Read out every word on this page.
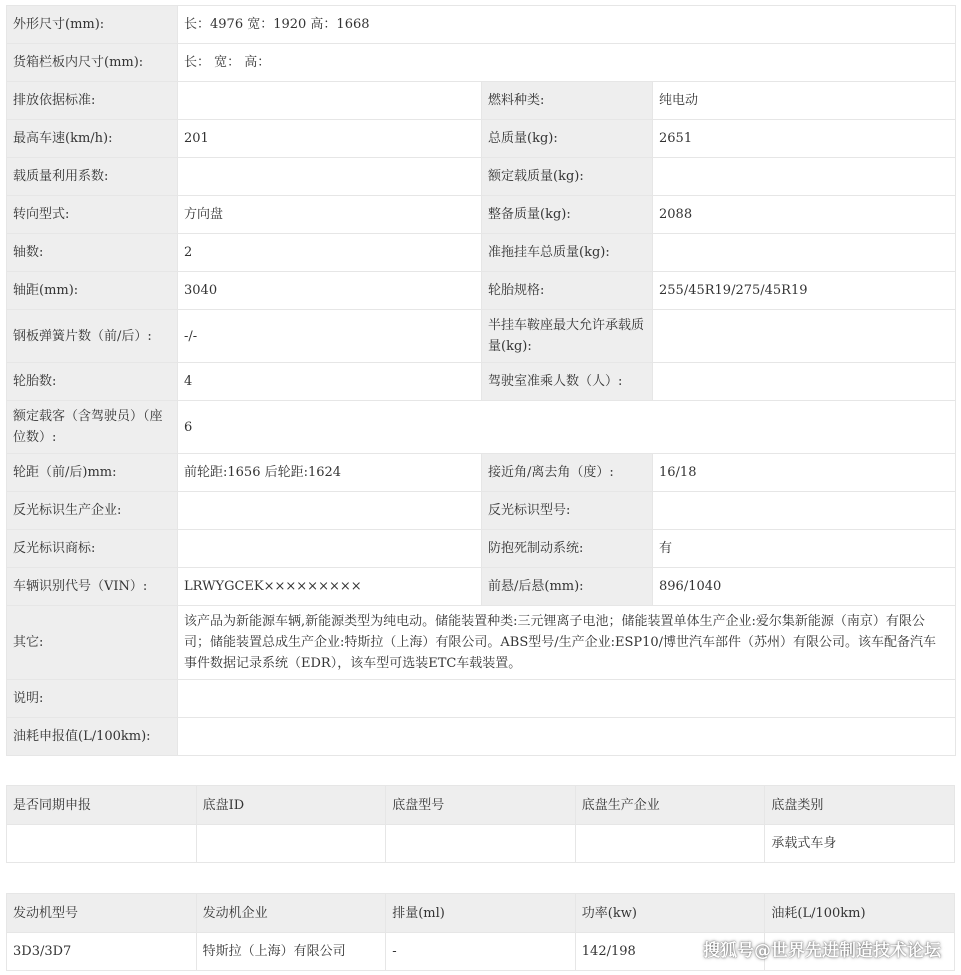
外形尺寸(mm):	长：4976 宽：1920 高：1668		
货箱栏板内尺寸(mm):	长： 宽： 高：		
排放依据标准:		燃料种类:	纯电动
最高车速(km/h):	201	总质量(kg):	2651
载质量利用系数:		额定载质量(kg):	
转向型式:	方向盘	整备质量(kg):	2088
轴数:	2	准拖挂车总质量(kg):	
轴距(mm):	3040	轮胎规格:	255/45R19/275/45R19
钢板弹簧片数（前/后）:	-/-	半挂车鞍座最大允许承载质量(kg):	
轮胎数:	4	驾驶室准乘人数（人）:	
额定载客（含驾驶员）（座位数）:	6		
轮距（前/后)mm:	前轮距:1656 后轮距:1624	接近角/离去角（度）:	16/18
反光标识生产企业:		反光标识型号:	
反光标识商标:		防抱死制动系统:	有
车辆识别代号（VIN）:	LRWYGCEK×××××××××	前悬/后悬(mm):	896/1040
其它:	该产品为新能源车辆,新能源类型为纯电动。储能装置种类:三元锂离子电池；储能装置单体生产企业:爱尔集新能源（南京）有限公司；储能装置总成生产企业:特斯拉（上海）有限公司。ABS型号/生产企业:ESP10/博世汽车部件（苏州）有限公司。该车配备汽车事件数据记录系统（EDR），该车型可选装ETC车载装置。		
说明:			
油耗申报值(L/100km):			
是否同期申报	底盘ID	底盘型号	底盘生产企业	底盘类别
				承载式车身
发动机型号	发动机企业	排量(ml)	功率(kw)	油耗(L/100km)
3D3/3D7	特斯拉（上海）有限公司	-	142/198		搜狐号@世界先进制造技术论坛
